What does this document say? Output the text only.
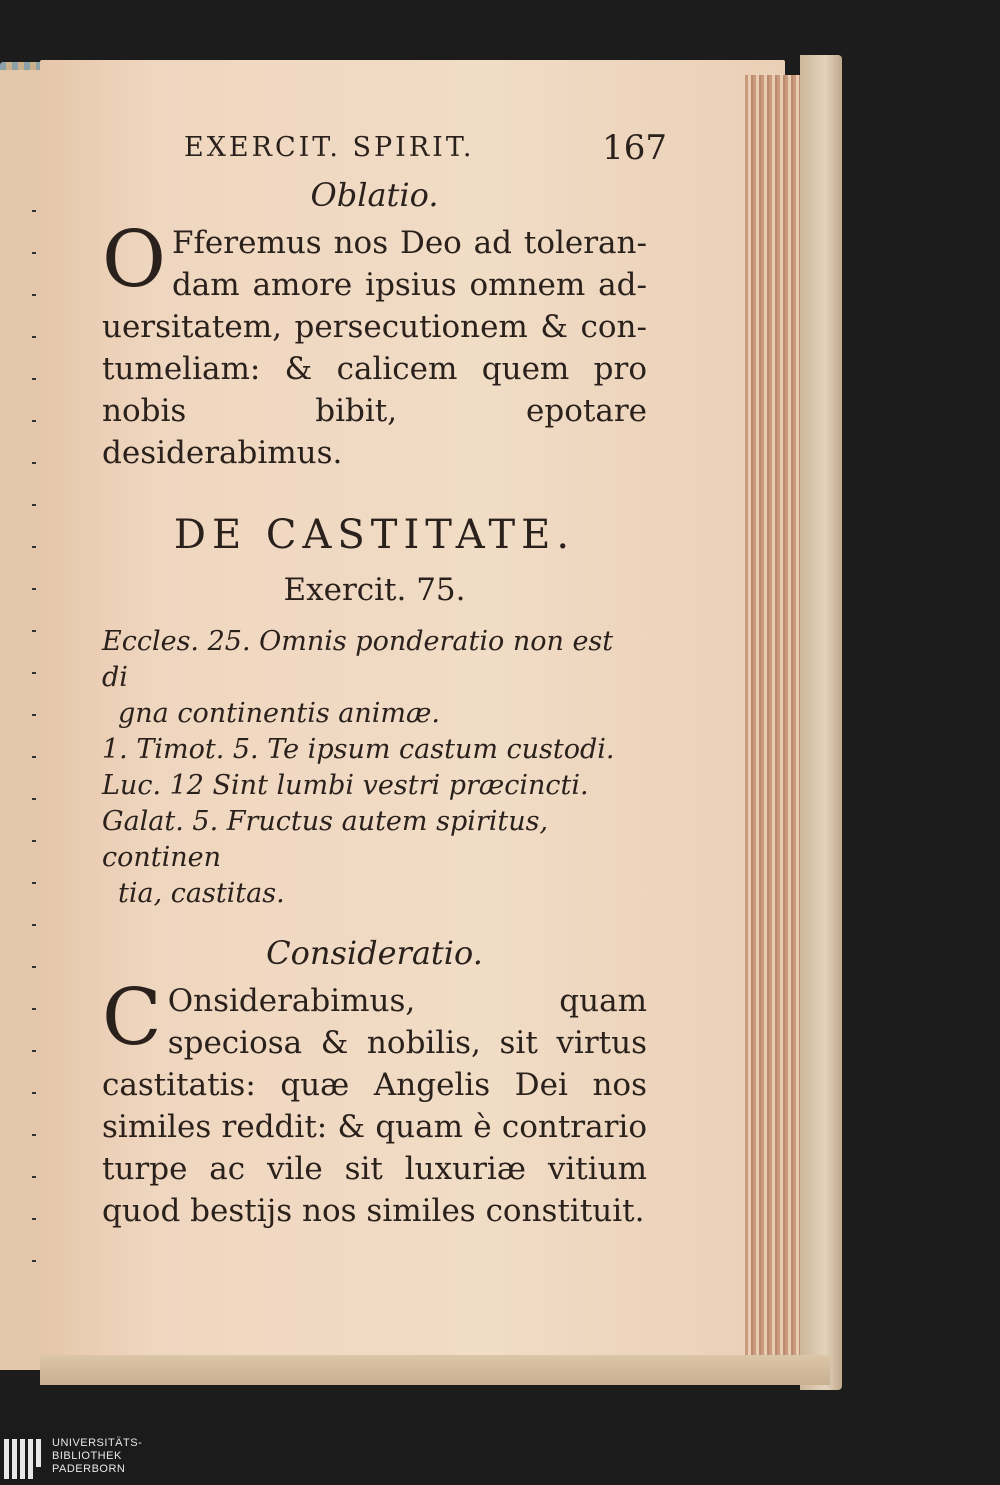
EXERCIT. SPIRIT.	167
Oblatio.

O Fferemus nos Deo ad tolerandam amore ipsius omnem aduersitatem, persecutionem & contumeliam: & calicem quem pro nobis bibit, epotare desiderabimus.

DE CASTITATE.
Exercit. 75.

Eccles. 25. Omnis ponderatio non est di

gna continentis animæ.

1. Timot. 5. Te ipsum castum custodi.

Luc. 12 Sint lumbi vestri præcincti.

Galat. 5. Fructus autem spiritus, continen

tia, castitas.

Consideratio.

C Onsiderabimus, quam speciosa & nobilis, sit virtus castitatis: quæ Angelis Dei nos similes reddit: & quam è contrario turpe ac vile sit luxuriæ vitium quod bestijs nos similes constituit.

UNIVERSITÄTS-
BIBLIOTHEK
PADERBORN
